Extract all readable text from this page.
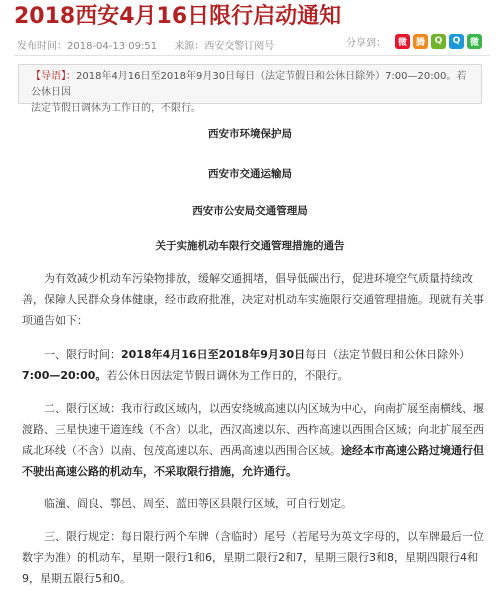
2018西安4月16日限行启动通知
发布时间：2018-04-13 09:51 来源：西安交警订阅号	分享到：	微 腾	Q	Q	微
【导语】：2018年4月16日至2018年9月30日每日（法定节假日和公休日除外）7:00—20:00。若公休日因
法定节假日调休为工作日的，不限行。
西安市环境保护局
西安市交通运输局
西安市公安局交通管理局
关于实施机动车限行交通管理措施的通告
为有效减少机动车污染物排放，缓解交通拥堵，倡导低碳出行，促进环境空气质量持续改
善，保障人民群众身体健康，经市政府批准，决定对机动车实施限行交通管理措施。现就有关事
项通告如下：
一、限行时间：2018年4月16日至2018年9月30日每日（法定节假日和公休日除外）
7:00—20:00。若公休日因法定节假日调休为工作日的，不限行。
二、限行区域：我市行政区域内，以西安绕城高速以内区域为中心，向南扩展至南横线、堰
渡路、三星快速干道连线（不含）以北，西汉高速以东、西柞高速以西围合区域；向北扩展至西
咸北环线（不含）以南、包茂高速以东、西禹高速以西围合区域。途经本市高速公路过境通行但
不驶出高速公路的机动车，不采取限行措施，允许通行。
临潼、阎良、鄠邑、周至、蓝田等区县限行区域，可自行划定。
三、限行规定：每日限行两个车牌（含临时）尾号（若尾号为英文字母的，以车牌最后一位
数字为准）的机动车，星期一限行1和6，星期二限行2和7，星期三限行3和8，星期四限行4和
9，星期五限行5和0。
